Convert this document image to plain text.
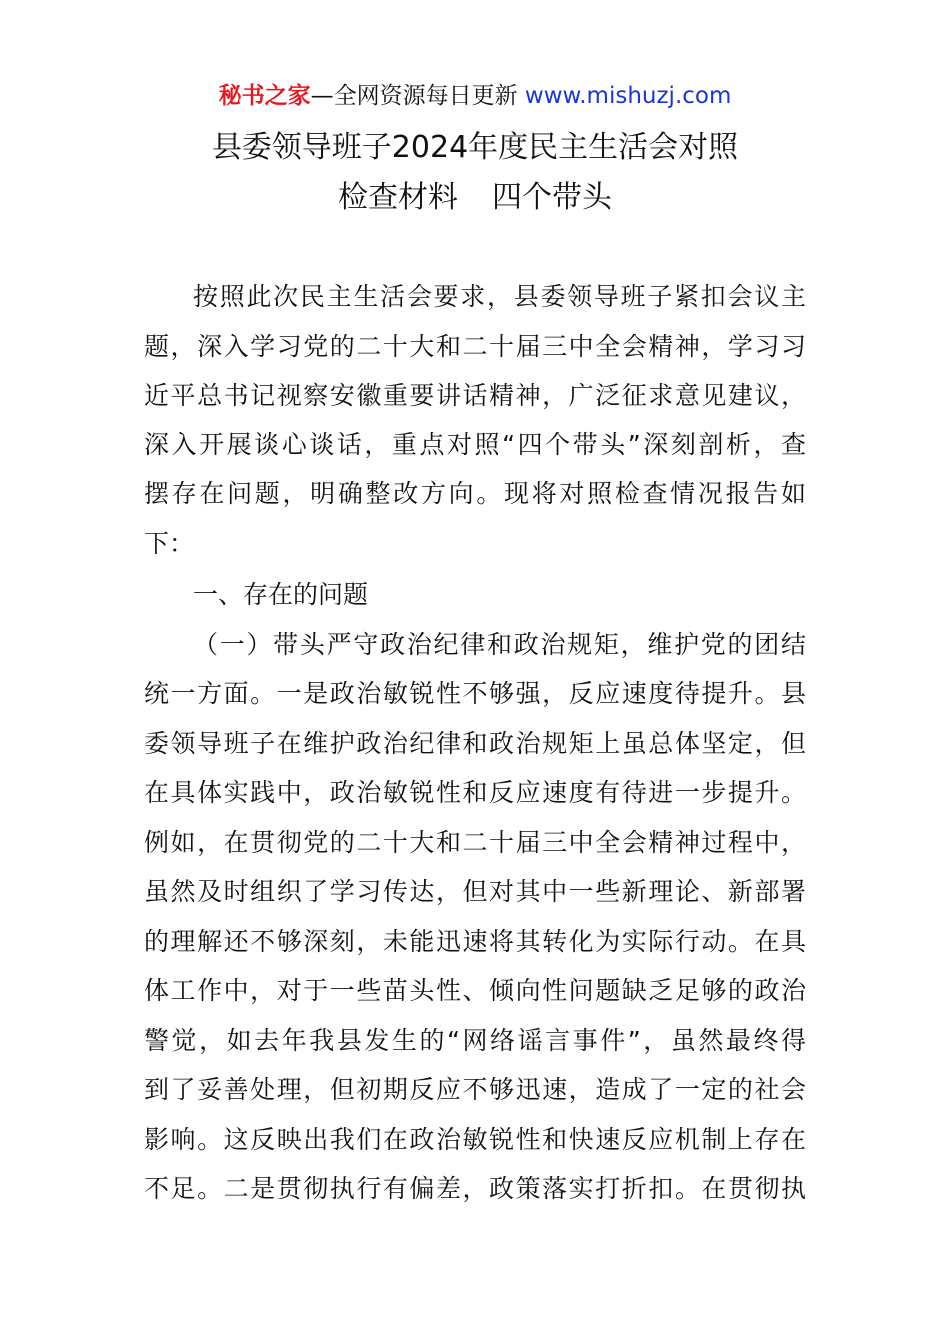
秘书之家—全网资源每日更新 www.mishuzj.com
县委领导班子2024年度民主生活会对照
检查材料 四个带头
按照此次民主生活会要求，县委领导班子紧扣会议主
题，深入学习党的二十大和二十届三中全会精神，学习习
近平总书记视察安徽重要讲话精神，广泛征求意见建议，
深入开展谈心谈话，重点对照“四个带头”深刻剖析，查
摆存在问题，明确整改方向。现将对照检查情况报告如
下：
一、存在的问题
（一）带头严守政治纪律和政治规矩，维护党的团结
统一方面。一是政治敏锐性不够强，反应速度待提升。县
委领导班子在维护政治纪律和政治规矩上虽总体坚定，但
在具体实践中，政治敏锐性和反应速度有待进一步提升。
例如，在贯彻党的二十大和二十届三中全会精神过程中，
虽然及时组织了学习传达，但对其中一些新理论、新部署
的理解还不够深刻，未能迅速将其转化为实际行动。在具
体工作中，对于一些苗头性、倾向性问题缺乏足够的政治
警觉，如去年我县发生的“网络谣言事件”，虽然最终得
到了妥善处理，但初期反应不够迅速，造成了一定的社会
影响。这反映出我们在政治敏锐性和快速反应机制上存在
不足。二是贯彻执行有偏差，政策落实打折扣。在贯彻执
